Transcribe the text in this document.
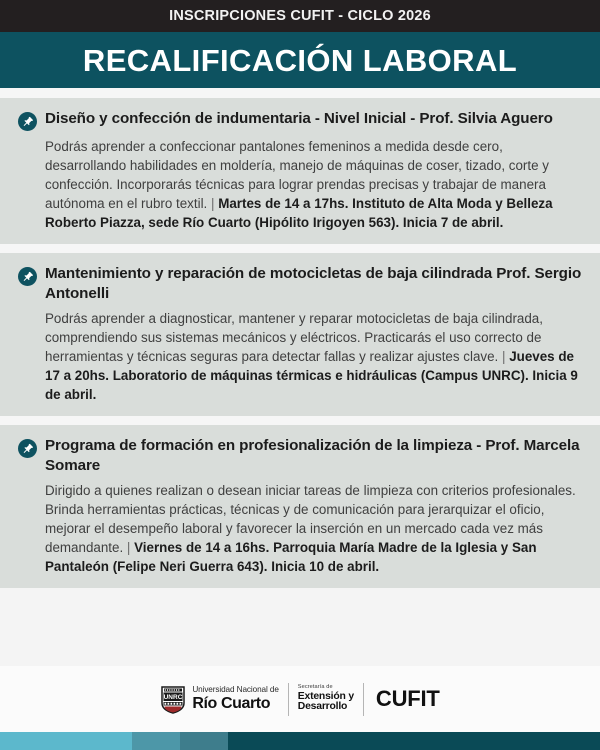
INSCRIPCIONES CUFIT - CICLO 2026
RECALIFICACIÓN LABORAL
Diseño y confección de indumentaria - Nivel Inicial - Prof. Silvia Aguero
Podrás aprender a confeccionar pantalones femeninos a medida desde cero, desarrollando habilidades en moldería, manejo de máquinas de coser, tizado, corte y confección. Incorporarás técnicas para lograr prendas precisas y trabajar de manera autónoma en el rubro textil. | Martes de 14 a 17hs. Instituto de Alta Moda y Belleza Roberto Piazza, sede Río Cuarto (Hipólito Irigoyen 563). Inicia 7 de abril.
Mantenimiento y reparación de motocicletas de baja cilindrada Prof. Sergio Antonelli
Podrás aprender a diagnosticar, mantener y reparar motocicletas de baja cilindrada, comprendiendo sus sistemas mecánicos y eléctricos. Practicarás el uso correcto de herramientas y técnicas seguras para detectar fallas y realizar ajustes clave. | Jueves de 17 a 20hs. Laboratorio de máquinas térmicas e hidráulicas (Campus UNRC). Inicia 9 de abril.
Programa de formación en profesionalización de la limpieza - Prof. Marcela Somare
Dirigido a quienes realizan o desean iniciar tareas de limpieza con criterios profesionales. Brinda herramientas prácticas, técnicas y de comunicación para jerarquizar el oficio, mejorar el desempeño laboral y favorecer la inserción en un mercado cada vez más demandante. | Viernes de 14 a 16hs. Parroquia María Madre de la Iglesia y San Pantaleón (Felipe Neri Guerra 643). Inicia 10 de abril.
UNRC
Universidad Nacional de
Río Cuarto
Secretaría de
Extensión y
Desarrollo	CUFIT
